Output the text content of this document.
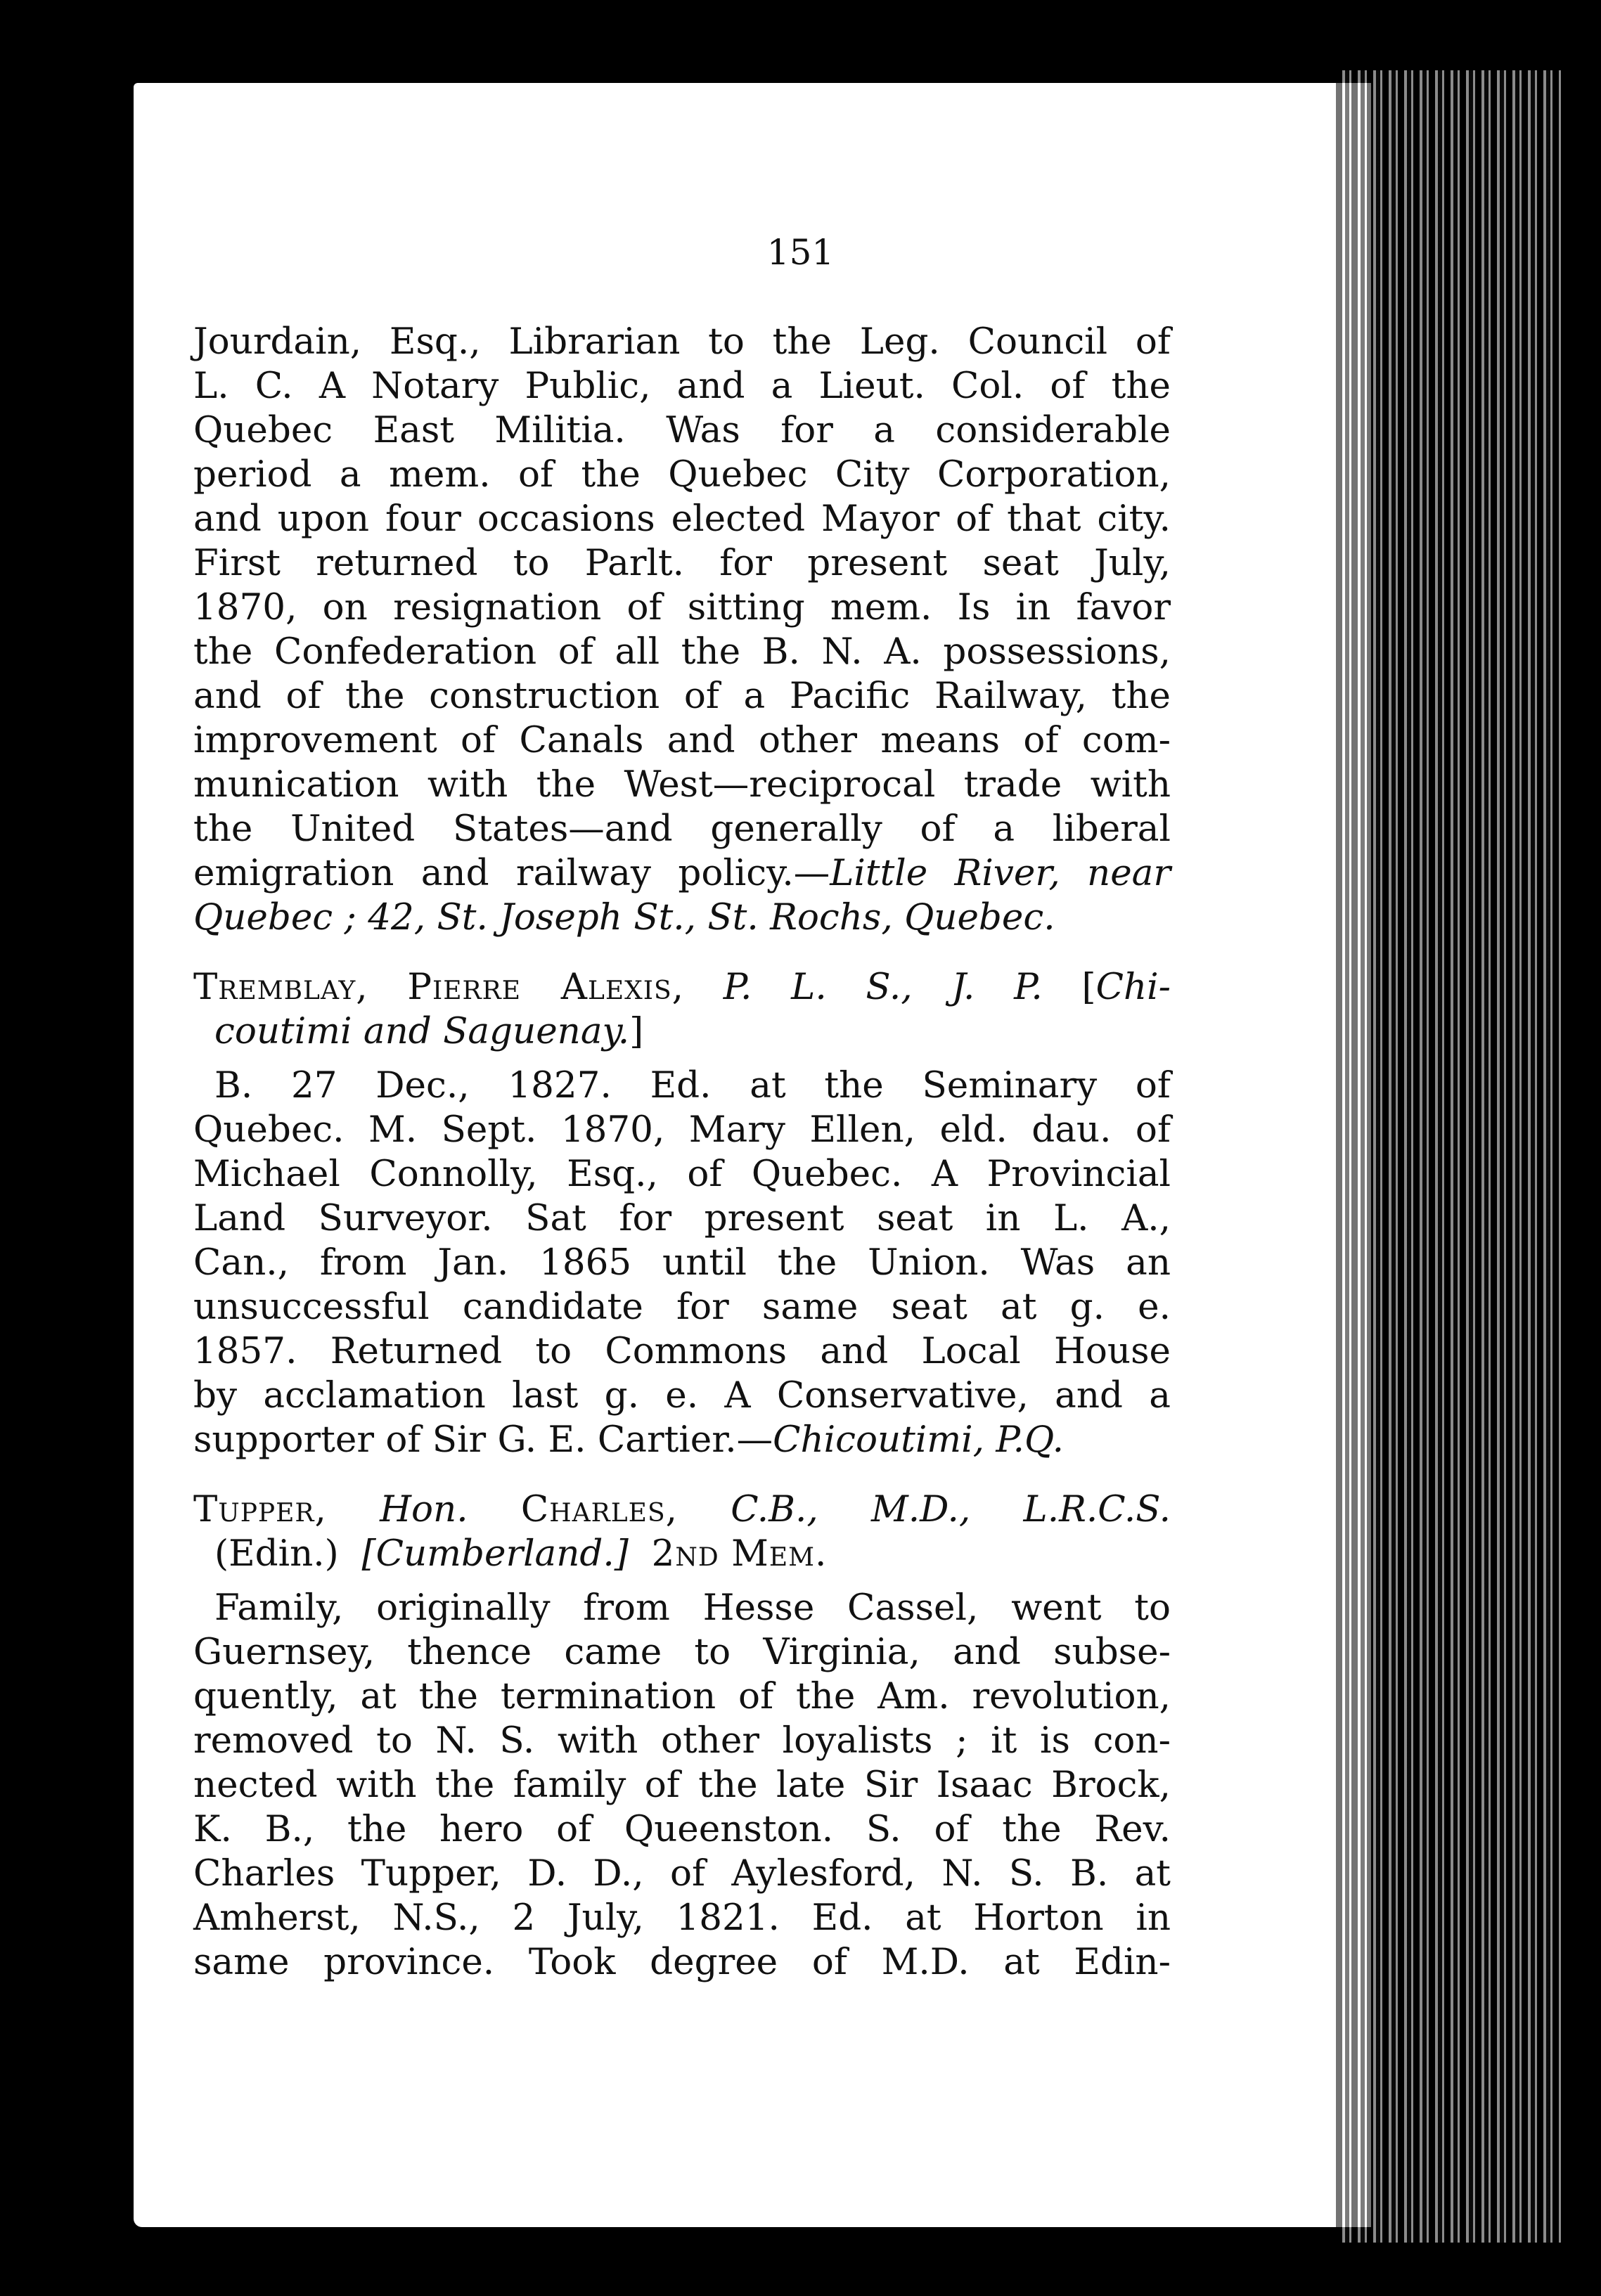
151
Jourdain, Esq., Librarian to the Leg. Council of
L. C. A Notary Public, and a Lieut. Col. of the
Quebec East Militia. Was for a considerable
period a mem. of the Quebec City Corporation,
and upon four occasions elected Mayor of that city.
First returned to Parlt. for present seat July,
1870, on resignation of sitting mem. Is in favor
the Confederation of all the B. N. A. possessions,
and of the construction of a Pacific Railway, the
improvement of Canals and other means of com-
munication with the West—reciprocal trade with
the United States—and generally of a liberal
emigration and railway policy.—Little River, near
Quebec ; 42, St. Joseph St., St. Rochs, Quebec.
Tremblay, Pierre Alexis, P. L. S., J. P. [Chi-
coutimi and Saguenay.]
B. 27 Dec., 1827. Ed. at the Seminary of
Quebec. M. Sept. 1870, Mary Ellen, eld. dau. of
Michael Connolly, Esq., of Quebec. A Provincial
Land Surveyor. Sat for present seat in L. A.,
Can., from Jan. 1865 until the Union. Was an
unsuccessful candidate for same seat at g. e.
1857. Returned to Commons and Local House
by acclamation last g. e. A Conservative, and a
supporter of Sir G. E. Cartier.—Chicoutimi, P.Q.
Tupper, Hon. Charles, C.B., M.D., L.R.C.S.
(Edin.) [Cumberland.] 2nd Mem.
Family, originally from Hesse Cassel, went to
Guernsey, thence came to Virginia, and subse-
quently, at the termination of the Am. revolution,
removed to N. S. with other loyalists ; it is con-
nected with the family of the late Sir Isaac Brock,
K. B., the hero of Queenston. S. of the Rev.
Charles Tupper, D. D., of Aylesford, N. S. B. at
Amherst, N.S., 2 July, 1821. Ed. at Horton in
same province. Took degree of M.D. at Edin-
